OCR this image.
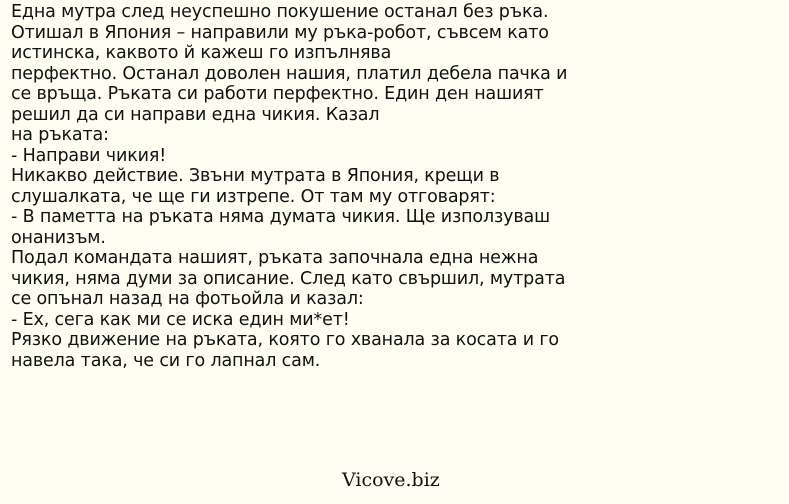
Една мутра след неуспешно покушение останал без ръка.
Отишал в Япония – направили му ръка-робот, съвсем като
истинска, каквото й кажеш го изпълнява
перфектно. Останал доволен нашия, платил дебела пачка и
се връща. Ръката си работи перфектно. Един ден нашият
решил да си направи една чикия. Казал
на ръката:
- Направи чикия!
Никакво действие. Звъни мутрата в Япония, крещи в
слушалката, че ще ги изтрепе. От там му отговарят:
- В паметта на ръката няма думата чикия. Ще използуваш
онанизъм.
Подал командата нашият, ръката започнала една нежна
чикия, няма думи за описание. След като свършил, мутрата
се опънал назад на фотьойла и казал:
- Ех, сега как ми се иска един ми*ет!
Рязко движение на ръката, която го хванала за косата и го
навела така, че си го лапнал сам.
Vicove.biz
